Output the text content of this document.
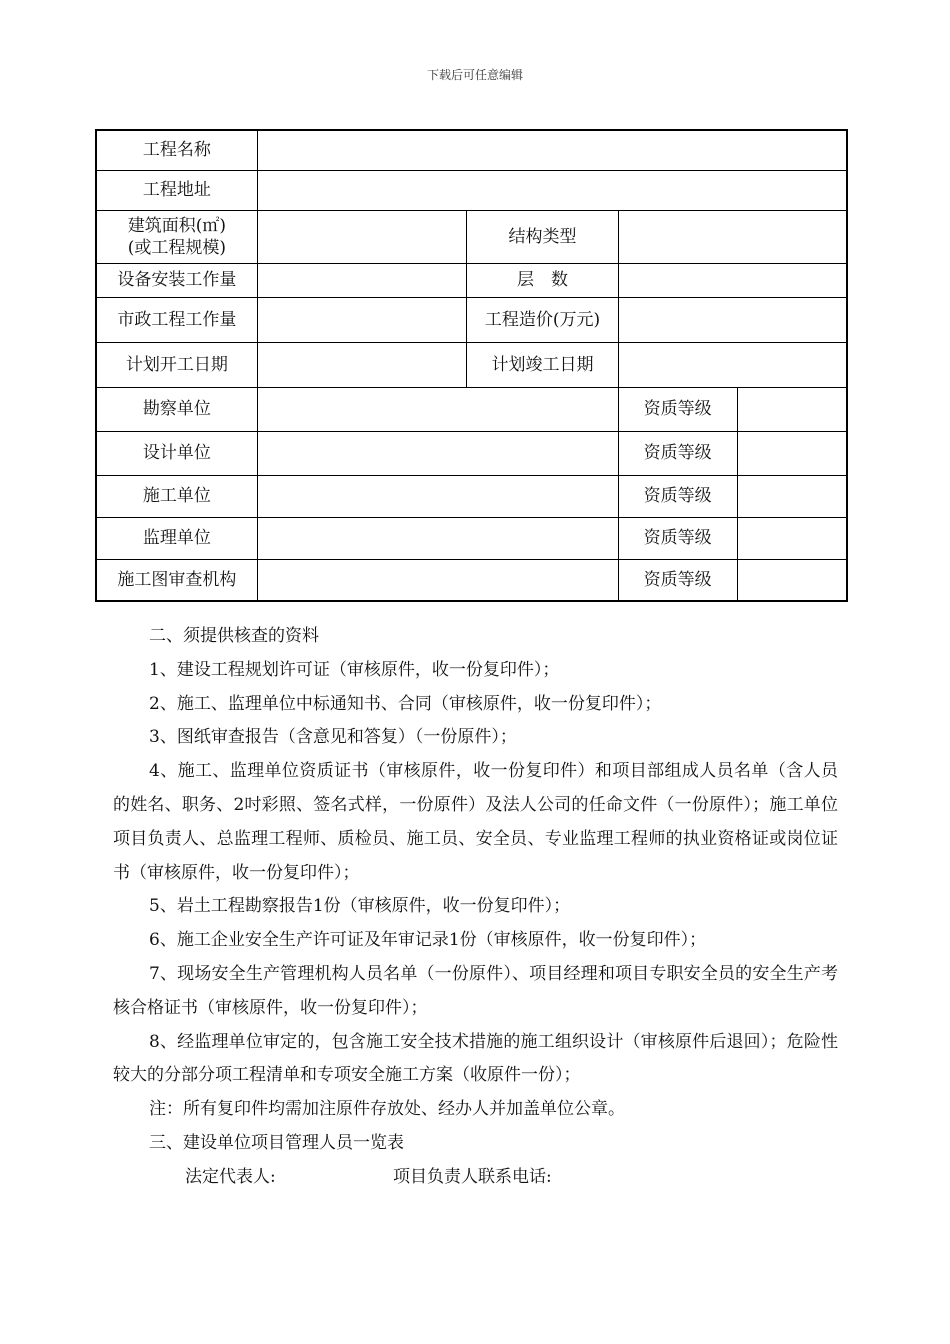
下载后可任意编辑
工程名称				
工程地址				

建筑面积(㎡)
(或工程规模)		结构类型		
设备安装工作量		层　数		
市政工程工作量		工程造价(万元)		
计划开工日期		计划竣工日期		
勘察单位			资质等级	
设计单位			资质等级	
施工单位			资质等级	
监理单位			资质等级	
施工图审查机构			资质等级	

二、须提供核查的资料

1、建设工程规划许可证（审核原件，收一份复印件）；

2、施工、监理单位中标通知书、合同（审核原件，收一份复印件）；

3、图纸审查报告（含意见和答复）（一份原件）；

4、施工、监理单位资质证书（审核原件，收一份复印件）和项目部组成人员名单（含人员的姓名、职务、2吋彩照、签名式样，一份原件）及法人公司的任命文件（一份原件）；施工单位项目负责人、总监理工程师、质检员、施工员、安全员、专业监理工程师的执业资格证或岗位证书（审核原件，收一份复印件）；

5、岩土工程勘察报告1份（审核原件，收一份复印件）；

6、施工企业安全生产许可证及年审记录1份（审核原件，收一份复印件）；

7、现场安全生产管理机构人员名单（一份原件）、项目经理和项目专职安全员的安全生产考核合格证书（审核原件，收一份复印件）；

8、经监理单位审定的，包含施工安全技术措施的施工组织设计（审核原件后退回）；危险性较大的分部分项工程清单和专项安全施工方案（收原件一份）；

注：所有复印件均需加注原件存放处、经办人并加盖单位公章。

三、建设单位项目管理人员一览表

法定代表人:	项目负责人联系电话:
